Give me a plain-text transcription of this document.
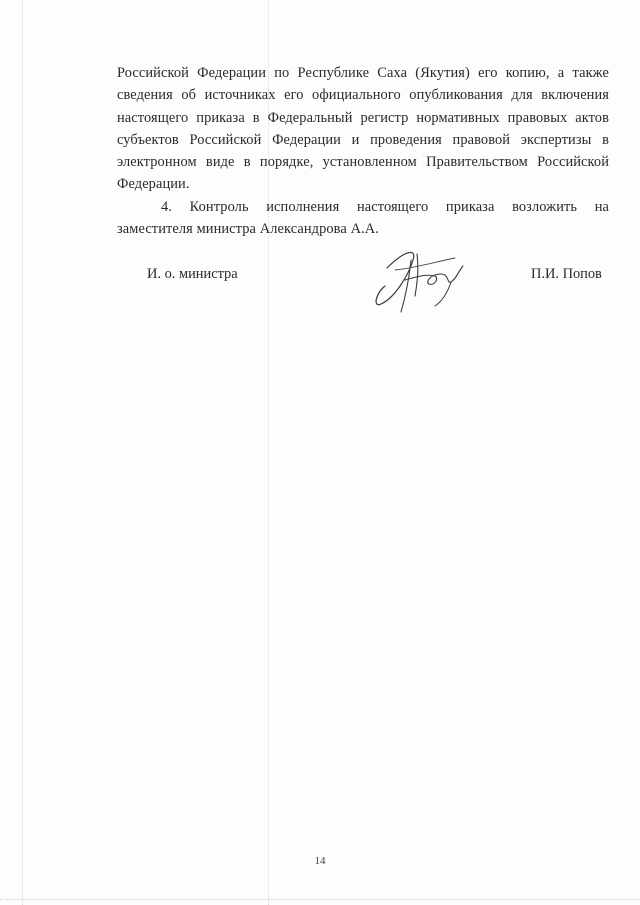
Российской Федерации по Республике Саха (Якутия) его копию, а также
сведения об источниках его официального опубликования для включения
настоящего приказа в Федеральный регистр нормативных правовых актов
субъектов Российской Федерации и проведения правовой экспертизы в
электронном виде в порядке, установленном Правительством Российской
Федерации.
4. Контроль исполнения настоящего приказа возложить на
заместителя министра Александрова А.А.
И. о. министра	П.И. Попов
14
